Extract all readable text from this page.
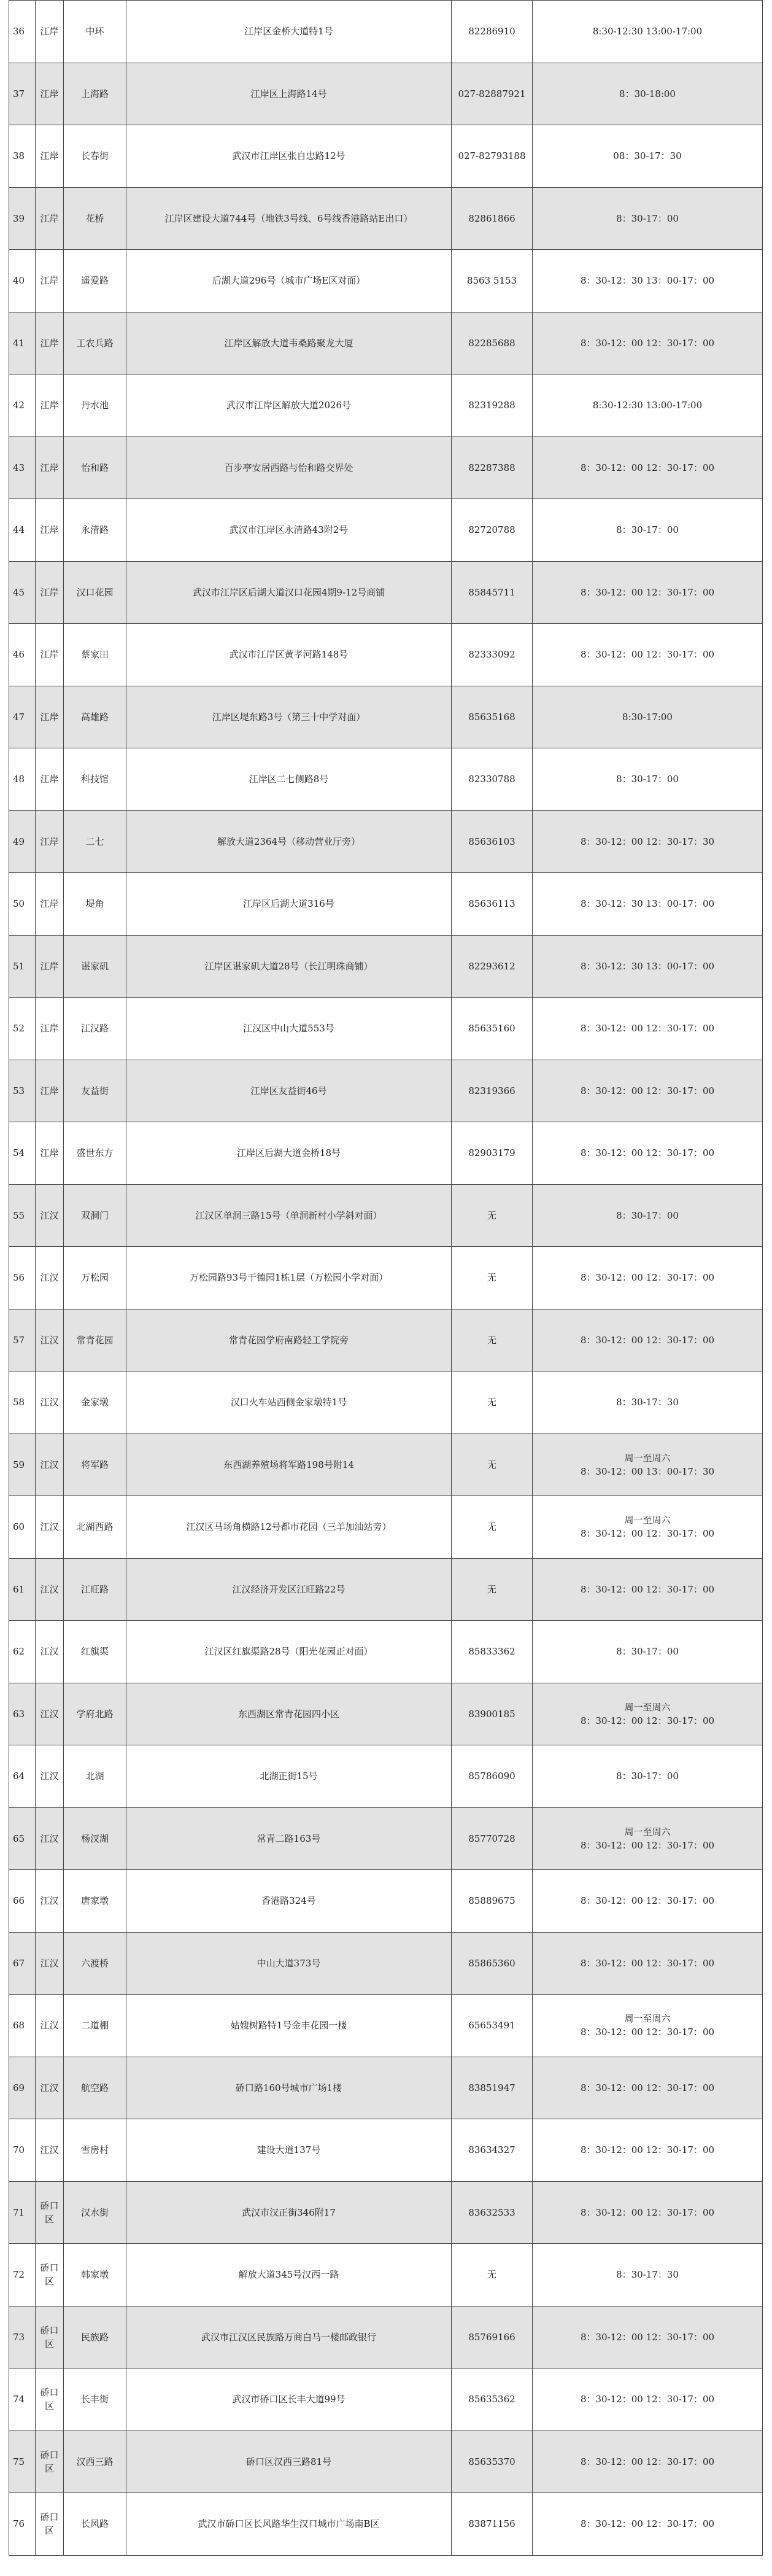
36	江岸	中环	江岸区金桥大道特1号	82286910	8:30-12:30 13:00-17:00
37	江岸	上海路	江岸区上海路14号	027-82887921	8：30-18:00
38	江岸	长春街	武汉市江岸区张自忠路12号	027-82793188	08：30-17：30
39	江岸	花桥	江岸区建设大道744号（地铁3号线、6号线香港路站E出口）	82861866	8：30-17：00
40	江岸	遥爱路	后湖大道296号（城市广场E区对面）	8563 5153	8：30-12：30 13：00-17：00
41	江岸	工农兵路	江岸区解放大道韦桑路聚龙大厦	82285688	8：30-12：00 12：30-17：00
42	江岸	丹水池	武汉市江岸区解放大道2026号	82319288	8:30-12:30 13:00-17:00
43	江岸	怡和路	百步亭安居西路与怡和路交界处	82287388	8：30-12：00 12：30-17：00
44	江岸	永清路	武汉市江岸区永清路43附2号	82720788	8：30-17：00
45	江岸	汉口花园	武汉市江岸区后湖大道汉口花园4期9-12号商铺	85845711	8：30-12：00 12：30-17：00
46	江岸	蔡家田	武汉市江岸区黄孝河路148号	82333092	8：30-12：00 12：30-17：00
47	江岸	高雄路	江岸区堤东路3号（第三十中学对面）	85635168	8:30-17:00
48	江岸	科技馆	江岸区二七侧路8号	82330788	8：30-17：00
49	江岸	二七	解放大道2364号（移动营业厅旁）	85636103	8：30-12：00 12：30-17：30
50	江岸	堤角	江岸区后湖大道316号	85636113	8：30-12：30 13：00-17：00
51	江岸	谌家矶	江岸区谌家矶大道28号（长江明珠商铺）	82293612	8：30-12：30 13：00-17：00
52	江岸	江汉路	江汉区中山大道553号	85635160	8：30-12：00 12：30-17：00
53	江岸	友益街	江岸区友益街46号	82319366	8：30-12：00 12：30-17：00
54	江岸	盛世东方	江岸区后湖大道金桥18号	82903179	8：30-12：00 12：30-17：00
55	江汉	双洞门	江汉区单洞三路15号（单洞新村小学斜对面）	无	8：30-17：00
56	江汉	万松园	万松园路93号干德园1栋1层（万松园小学对面）	无	8：30-12：00 12：30-17：00
57	江汉	常青花园	常青花园学府南路轻工学院旁	无	8：30-12：00 12：30-17：00
58	江汉	金家墩	汉口火车站西侧金家墩特1号	无	8：30-17：30
59	江汉	将军路	东西湖养殖场将军路198号附14	无	周一至周六
8：30-12：00 13：00-17：30
60	江汉	北湖西路	江汉区马场角横路12号都市花园（三羊加油站旁）	无	周一至周六
8：30-12：00 12：30-17：00
61	江汉	江旺路	江汉经济开发区江旺路22号	无	8：30-12：00 12：30-17：00
62	江汉	红旗渠	江汉区红旗渠路28号（阳光花园正对面）	85833362	8：30-17：00
63	江汉	学府北路	东西湖区常青花园四小区	83900185	周一至周六
8：30-12：00 12：30-17：00
64	江汉	北湖	北湖正街15号	85786090	8：30-17：00
65	江汉	杨汊湖	常青二路163号	85770728	周一至周六
8：30-12：00 12：30-17：00
66	江汉	唐家墩	香港路324号	85889675	8：30-12：00 12：30-17：00
67	江汉	六渡桥	中山大道373号	85865360	8：30-12：00 12：30-17：00
68	江汉	二道棚	姑嫂树路特1号金丰花园一楼	65653491	周一至周六
8：30-12：00 12：30-17：00
69	江汉	航空路	硚口路160号城市广场1楼	83851947	8：30-12：00 12：30-17：00
70	江汉	雪房村	建设大道137号	83634327	8：30-12：00 12：30-17：00
71	硚口区	汉水街	武汉市汉正街346附17	83632533	8：30-12：00 12：30-17：00
72	硚口区	韩家墩	解放大道345号汉西一路	无	8：30-17：30
73	硚口区	民族路	武汉市江汉区民族路万商白马一楼邮政银行	85769166	8：30-12：00 12：30-17：00
74	硚口区	长丰街	武汉市硚口区长丰大道99号	85635362	8：30-12：00 12：30-17：00
75	硚口区	汉西三路	硚口区汉西三路81号	85635370	8：30-12：00 12：30-17：00
76	硚口区	长风路	武汉市硚口区长风路华生汉口城市广场南B区	83871156	8：30-12：00 12：30-17：00
